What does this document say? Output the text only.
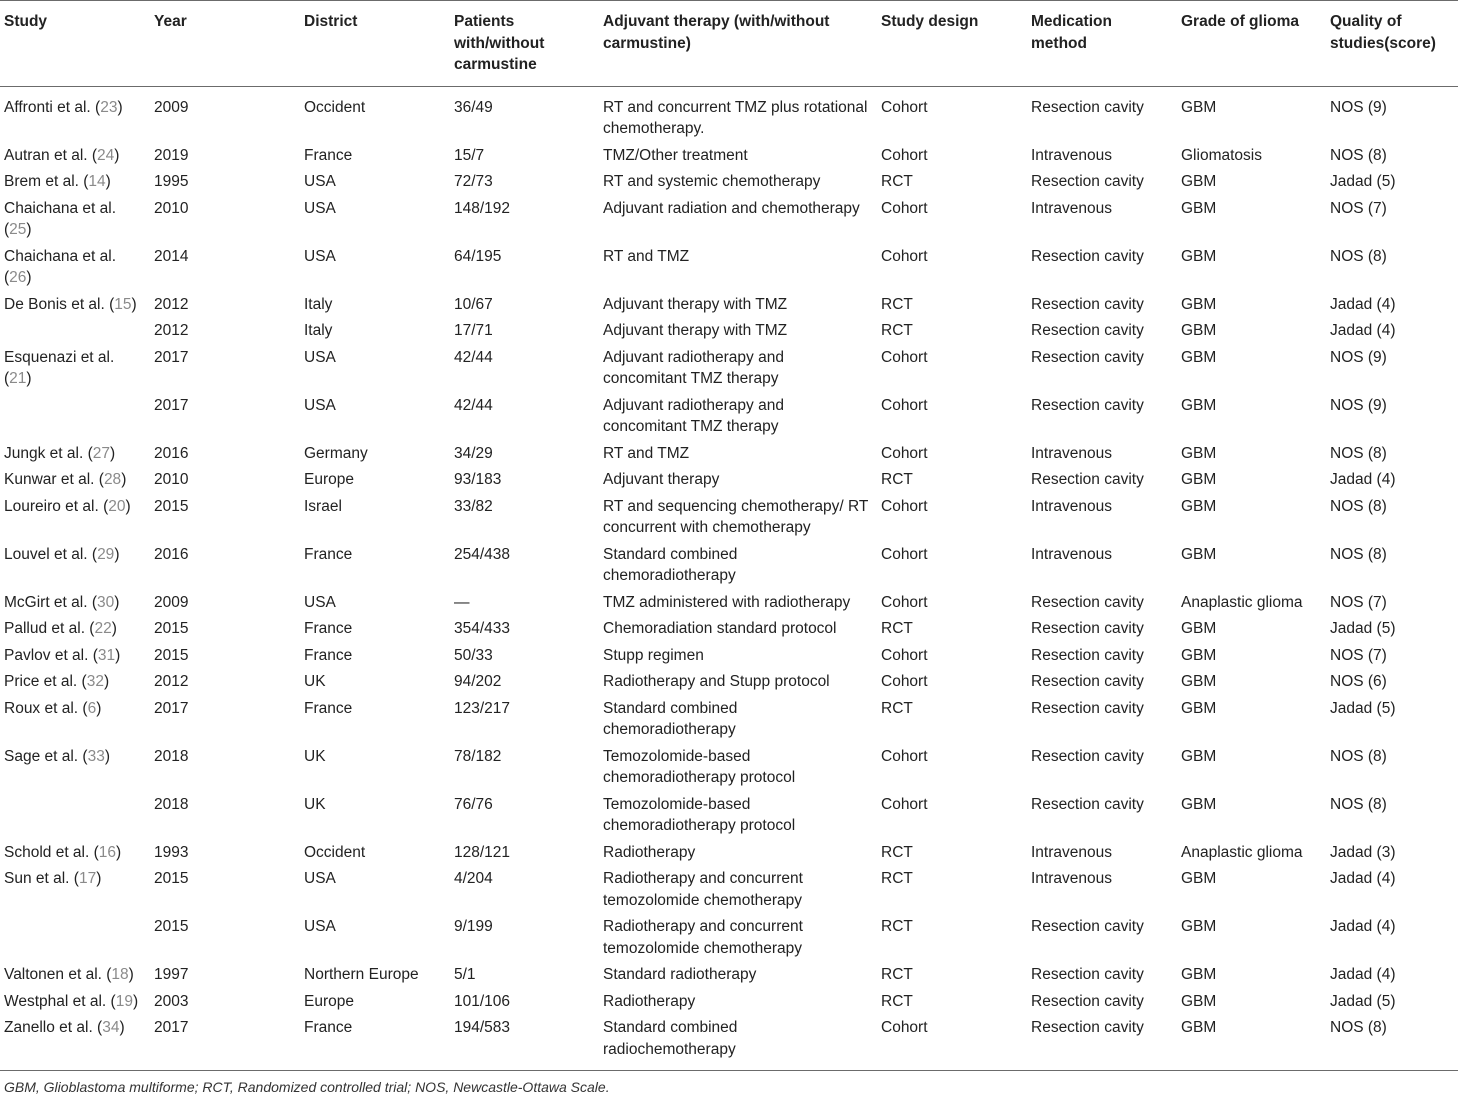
Study	Year	District	Patients with/without carmustine	Adjuvant therapy (with/without carmustine)	Study design	Medication method	Grade of glioma	Quality of studies(score)
Affronti et al. (23)	2009	Occident	36/49	RT and concurrent TMZ plus rotational chemotherapy.	Cohort	Resection cavity	GBM	NOS (9)
Autran et al. (24)	2019	France	15/7	TMZ/Other treatment	Cohort	Intravenous	Gliomatosis	NOS (8)
Brem et al. (14)	1995	USA	72/73	RT and systemic chemotherapy	RCT	Resection cavity	GBM	Jadad (5)
Chaichana et al. (25)	2010	USA	148/192	Adjuvant radiation and chemotherapy	Cohort	Intravenous	GBM	NOS (7)
Chaichana et al. (26)	2014	USA	64/195	RT and TMZ	Cohort	Resection cavity	GBM	NOS (8)
De Bonis et al. (15)	2012	Italy	10/67	Adjuvant therapy with TMZ	RCT	Resection cavity	GBM	Jadad (4)
	2012	Italy	17/71	Adjuvant therapy with TMZ	RCT	Resection cavity	GBM	Jadad (4)
Esquenazi et al. (21)	2017	USA	42/44	Adjuvant radiotherapy and concomitant TMZ therapy	Cohort	Resection cavity	GBM	NOS (9)
	2017	USA	42/44	Adjuvant radiotherapy and concomitant TMZ therapy	Cohort	Resection cavity	GBM	NOS (9)
Jungk et al. (27)	2016	Germany	34/29	RT and TMZ	Cohort	Intravenous	GBM	NOS (8)
Kunwar et al. (28)	2010	Europe	93/183	Adjuvant therapy	RCT	Resection cavity	GBM	Jadad (4)
Loureiro et al. (20)	2015	Israel	33/82	RT and sequencing chemotherapy/ RT concurrent with chemotherapy	Cohort	Intravenous	GBM	NOS (8)
Louvel et al. (29)	2016	France	254/438	Standard combined chemoradiotherapy	Cohort	Intravenous	GBM	NOS (8)
McGirt et al. (30)	2009	USA	—	TMZ administered with radiotherapy	Cohort	Resection cavity	Anaplastic glioma	NOS (7)
Pallud et al. (22)	2015	France	354/433	Chemoradiation standard protocol	RCT	Resection cavity	GBM	Jadad (5)
Pavlov et al. (31)	2015	France	50/33	Stupp regimen	Cohort	Resection cavity	GBM	NOS (7)
Price et al. (32)	2012	UK	94/202	Radiotherapy and Stupp protocol	Cohort	Resection cavity	GBM	NOS (6)
Roux et al. (6)	2017	France	123/217	Standard combined chemoradiotherapy	RCT	Resection cavity	GBM	Jadad (5)
Sage et al. (33)	2018	UK	78/182	Temozolomide-based chemoradiotherapy protocol	Cohort	Resection cavity	GBM	NOS (8)
	2018	UK	76/76	Temozolomide-based chemoradiotherapy protocol	Cohort	Resection cavity	GBM	NOS (8)
Schold et al. (16)	1993	Occident	128/121	Radiotherapy	RCT	Intravenous	Anaplastic glioma	Jadad (3)
Sun et al. (17)	2015	USA	4/204	Radiotherapy and concurrent temozolomide chemotherapy	RCT	Intravenous	GBM	Jadad (4)
	2015	USA	9/199	Radiotherapy and concurrent temozolomide chemotherapy	RCT	Resection cavity	GBM	Jadad (4)
Valtonen et al. (18)	1997	Northern Europe	5/1	Standard radiotherapy	RCT	Resection cavity	GBM	Jadad (4)
Westphal et al. (19)	2003	Europe	101/106	Radiotherapy	RCT	Resection cavity	GBM	Jadad (5)
Zanello et al. (34)	2017	France	194/583	Standard combined radiochemotherapy	Cohort	Resection cavity	GBM	NOS (8)
GBM, Glioblastoma multiforme; RCT, Randomized controlled trial; NOS, Newcastle-Ottawa Scale.
